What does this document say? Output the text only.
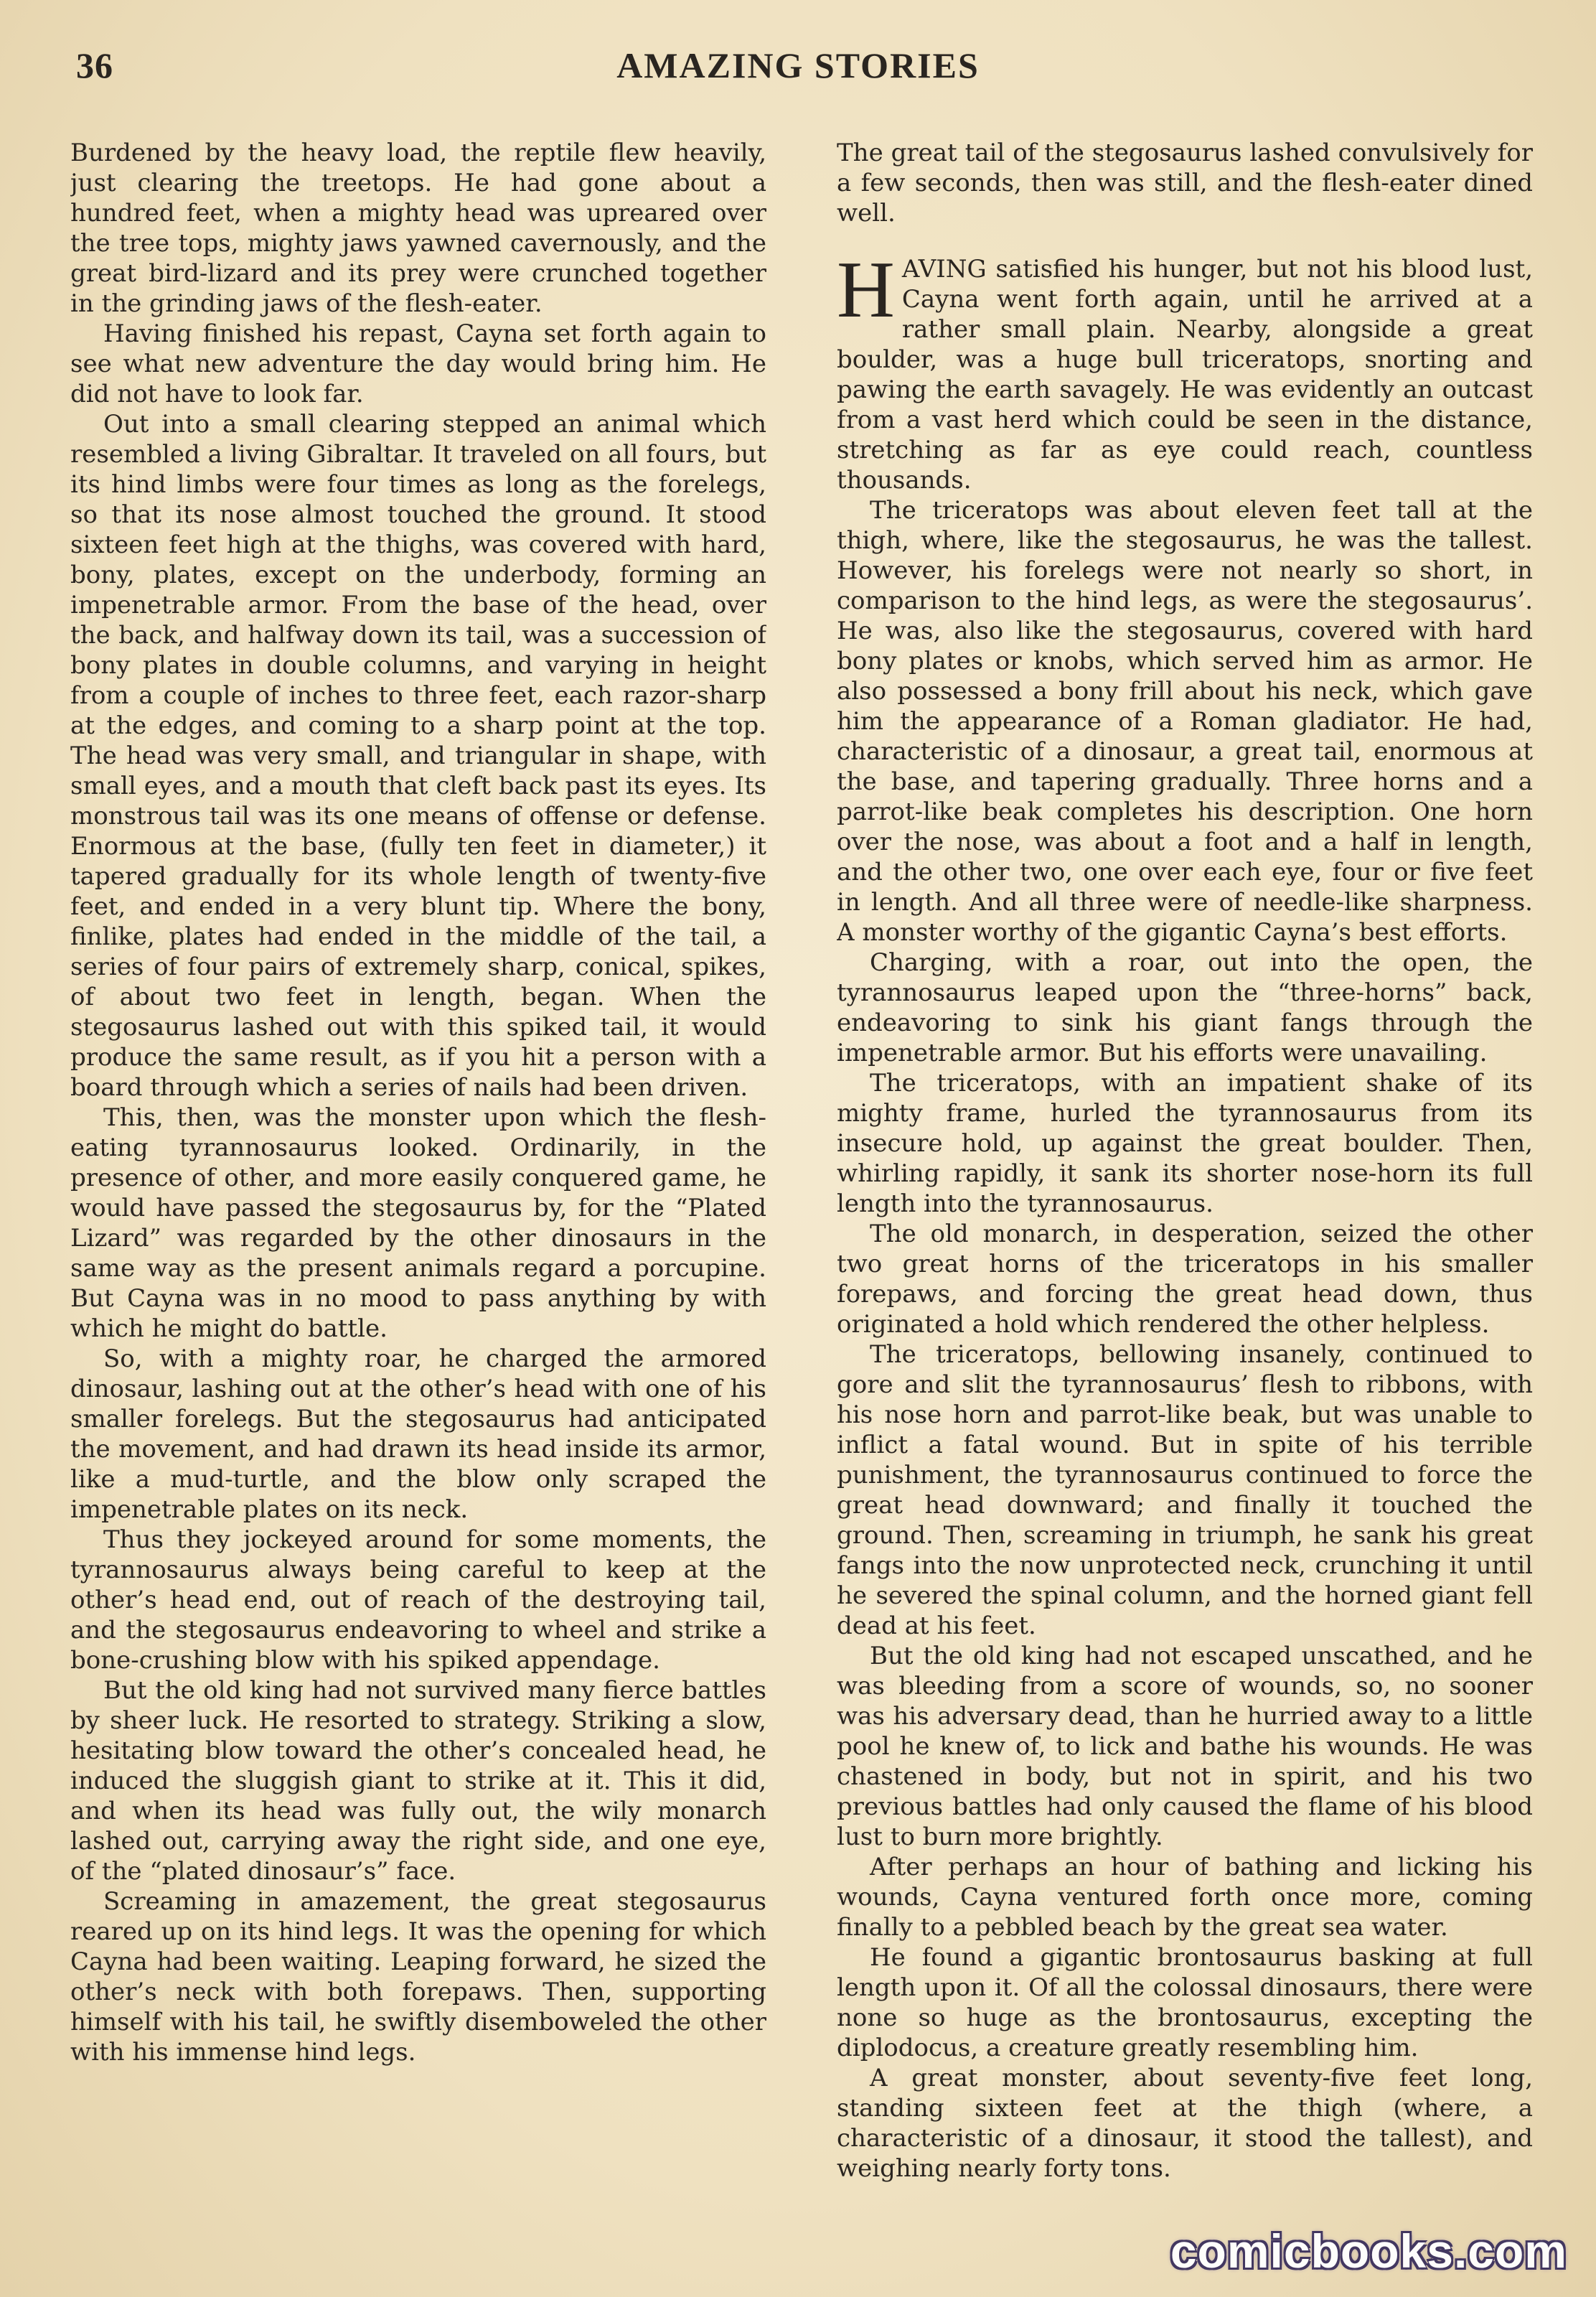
36	AMAZING STORIES

Burdened by the heavy load, the reptile flew heavily, just clearing the treetops. He had gone about a hundred feet, when a mighty head was upreared over the tree tops, mighty jaws yawned cavernously, and the great bird-lizard and its prey were crunched together in the grinding jaws of the flesh-eater.

Having finished his repast, Cayna set forth again to see what new adventure the day would bring him. He did not have to look far.

Out into a small clearing stepped an animal which resembled a living Gibraltar. It traveled on all fours, but its hind limbs were four times as long as the forelegs, so that its nose almost touched the ground. It stood sixteen feet high at the thighs, was covered with hard, bony, plates, except on the underbody, forming an impenetrable armor. From the base of the head, over the back, and halfway down its tail, was a succession of bony plates in double columns, and varying in height from a couple of inches to three feet, each razor-sharp at the edges, and coming to a sharp point at the top. The head was very small, and triangular in shape, with small eyes, and a mouth that cleft back past its eyes. Its monstrous tail was its one means of offense or defense. Enormous at the base, (fully ten feet in diameter,) it tapered gradually for its whole length of twenty-five feet, and ended in a very blunt tip. Where the bony, finlike, plates had ended in the middle of the tail, a series of four pairs of extremely sharp, conical, spikes, of about two feet in length, began. When the stegosaurus lashed out with this spiked tail, it would produce the same result, as if you hit a person with a board through which a series of nails had been driven.

This, then, was the monster upon which the flesh-eating tyrannosaurus looked. Ordinarily, in the presence of other, and more easily conquered game, he would have passed the stegosaurus by, for the “Plated Lizard” was regarded by the other dinosaurs in the same way as the present animals regard a porcupine. But Cayna was in no mood to pass anything by with which he might do battle.

So, with a mighty roar, he charged the armored dinosaur, lashing out at the other’s head with one of his smaller forelegs. But the stegosaurus had anticipated the movement, and had drawn its head inside its armor, like a mud-turtle, and the blow only scraped the impenetrable plates on its neck.

Thus they jockeyed around for some moments, the tyrannosaurus always being careful to keep at the other’s head end, out of reach of the destroying tail, and the stegosaurus endeavoring to wheel and strike a bone-crushing blow with his spiked appendage.

But the old king had not survived many fierce battles by sheer luck. He resorted to strategy. Striking a slow, hesitating blow toward the other’s concealed head, he induced the sluggish giant to strike at it. This it did, and when its head was fully out, the wily monarch lashed out, carrying away the right side, and one eye, of the “plated dinosaur’s” face.

Screaming in amazement, the great stegosaurus reared up on its hind legs. It was the opening for which Cayna had been waiting. Leaping forward, he sized the other’s neck with both forepaws. Then, supporting himself with his tail, he swiftly disemboweled the other with his immense hind legs.

The great tail of the stegosaurus lashed convulsively for a few seconds, then was still, and the flesh-eater dined well.

HAVING satisfied his hunger, but not his blood lust, Cayna went forth again, until he arrived at a rather small plain. Nearby, alongside a great boulder, was a huge bull triceratops, snorting and pawing the earth savagely. He was evidently an outcast from a vast herd which could be seen in the distance, stretching as far as eye could reach, countless thousands.

The triceratops was about eleven feet tall at the thigh, where, like the stegosaurus, he was the tallest. However, his forelegs were not nearly so short, in comparison to the hind legs, as were the stegosaurus’. He was, also like the stegosaurus, covered with hard bony plates or knobs, which served him as armor. He also possessed a bony frill about his neck, which gave him the appearance of a Roman gladiator. He had, characteristic of a dinosaur, a great tail, enormous at the base, and tapering gradually. Three horns and a parrot-like beak completes his description. One horn over the nose, was about a foot and a half in length, and the other two, one over each eye, four or five feet in length. And all three were of needle-like sharpness. A monster worthy of the gigantic Cayna’s best efforts.

Charging, with a roar, out into the open, the tyrannosaurus leaped upon the “three-horns” back, endeavoring to sink his giant fangs through the impenetrable armor. But his efforts were unavailing.

The triceratops, with an impatient shake of its mighty frame, hurled the tyrannosaurus from its insecure hold, up against the great boulder. Then, whirling rapidly, it sank its shorter nose-horn its full length into the tyrannosaurus.

The old monarch, in desperation, seized the other two great horns of the triceratops in his smaller forepaws, and forcing the great head down, thus originated a hold which rendered the other helpless.

The triceratops, bellowing insanely, continued to gore and slit the tyrannosaurus’ flesh to ribbons, with his nose horn and parrot-like beak, but was unable to inflict a fatal wound. But in spite of his terrible punishment, the tyrannosaurus continued to force the great head downward; and finally it touched the ground. Then, screaming in triumph, he sank his great fangs into the now unprotected neck, crunching it until he severed the spinal column, and the horned giant fell dead at his feet.

But the old king had not escaped unscathed, and he was bleeding from a score of wounds, so, no sooner was his adversary dead, than he hurried away to a little pool he knew of, to lick and bathe his wounds. He was chastened in body, but not in spirit, and his two previous battles had only caused the flame of his blood lust to burn more brightly.

After perhaps an hour of bathing and licking his wounds, Cayna ventured forth once more, coming finally to a pebbled beach by the great sea water.

He found a gigantic brontosaurus basking at full length upon it. Of all the colossal dinosaurs, there were none so huge as the brontosaurus, excepting the diplodocus, a creature greatly resembling him.

A great monster, about seventy-five feet long, standing sixteen feet at the thigh (where, a characteristic of a dinosaur, it stood the tallest), and weighing nearly forty tons.

comicbooks.com
